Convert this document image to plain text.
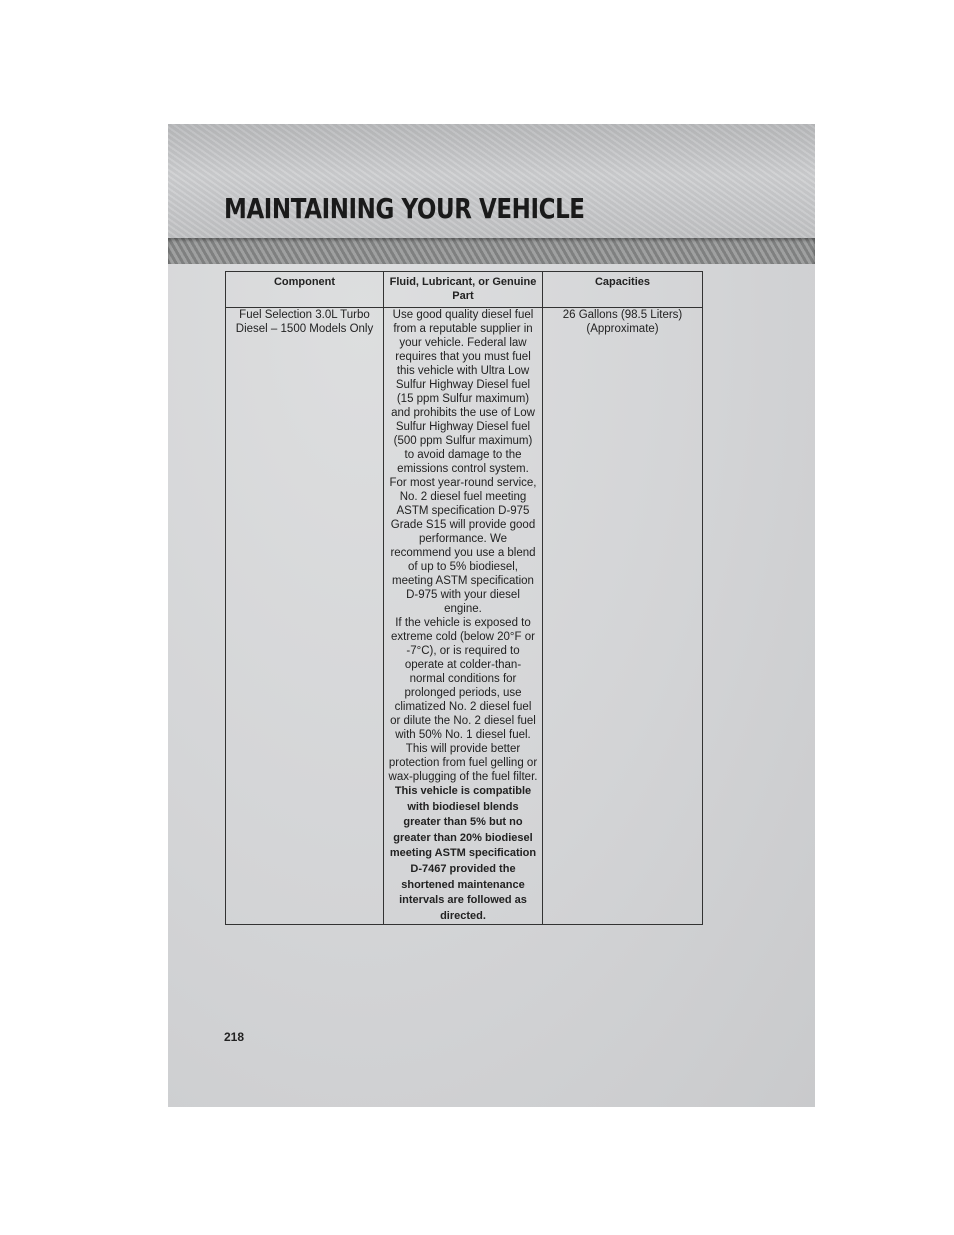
MAINTAINING YOUR VEHICLE
Component	Fluid, Lubricant, or Genuine Part	Capacities
Fuel Selection 3.0L Turbo Diesel – 1500 Models Only	Use good quality diesel fuel from a reputable supplier in your vehicle. Federal law requires that you must fuel this vehicle with Ultra Low Sulfur Highway Diesel fuel (15 ppm Sulfur maximum) and prohibits the use of Low Sulfur Highway Diesel fuel (500 ppm Sulfur maximum) to avoid damage to the emissions control system. For most year-round service, No. 2 diesel fuel meeting ASTM specification D-975 Grade S15 will provide good performance. We recommend you use a blend of up to 5% biodiesel, meeting ASTM specification D-975 with your diesel engine.
If the vehicle is exposed to extreme cold (below 20°F or -7°C), or is required to operate at colder-than-normal conditions for prolonged periods, use climatized No. 2 diesel fuel or dilute the No. 2 diesel fuel with 50% No. 1 diesel fuel. This will provide better protection from fuel gelling or wax-plugging of the fuel filter.
This vehicle is compatible with biodiesel blends greater than 5% but no greater than 20% biodiesel meeting ASTM specification D-7467 provided the shortened maintenance intervals are followed as directed.	26 Gallons (98.5 Liters) (Approximate)
218
